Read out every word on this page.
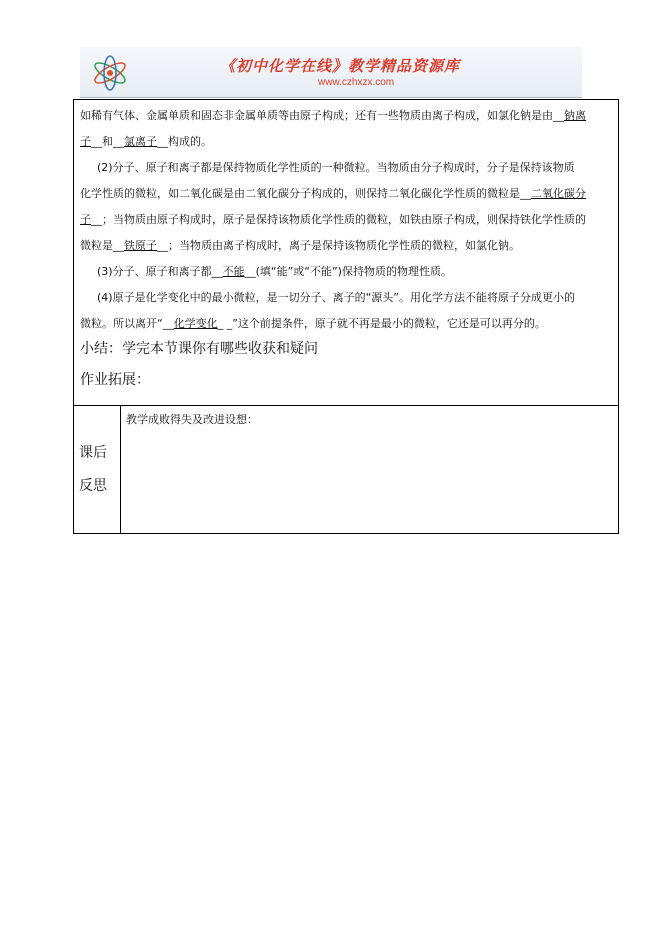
《初中化学在线》教学精品资源库
www.czhxzx.com

如稀有气体、金属单质和固态非金属单质等由原子构成；还有一些物质由离子构成，如氯化钠是由__钠离

子__和__氯离子__构成的。

(2)分子、原子和离子都是保持物质化学性质的一种微粒。当物质由分子构成时，分子是保持该物质

化学性质的微粒，如二氧化碳是由二氧化碳分子构成的，则保持二氧化碳化学性质的微粒是__二氧化碳分

子__；当物质由原子构成时，原子是保持该物质化学性质的微粒，如铁由原子构成，则保持铁化学性质的

微粒是__铁原子__；当物质由离子构成时，离子是保持该物质化学性质的微粒，如氯化钠。

(3)分子、原子和离子都__不能__(填“能”或“不能”)保持物质的物理性质。

(4)原子是化学变化中的最小微粒，是一切分子、离子的“源头”。用化学方法不能将原子分成更小的

微粒。所以离开“__化学变化_ _”这个前提条件，原子就不再是最小的微粒，它还是可以再分的。

小结：学完本节课你有哪些收获和疑问

作业拓展：

课后
反思
教学成败得失及改进设想：
